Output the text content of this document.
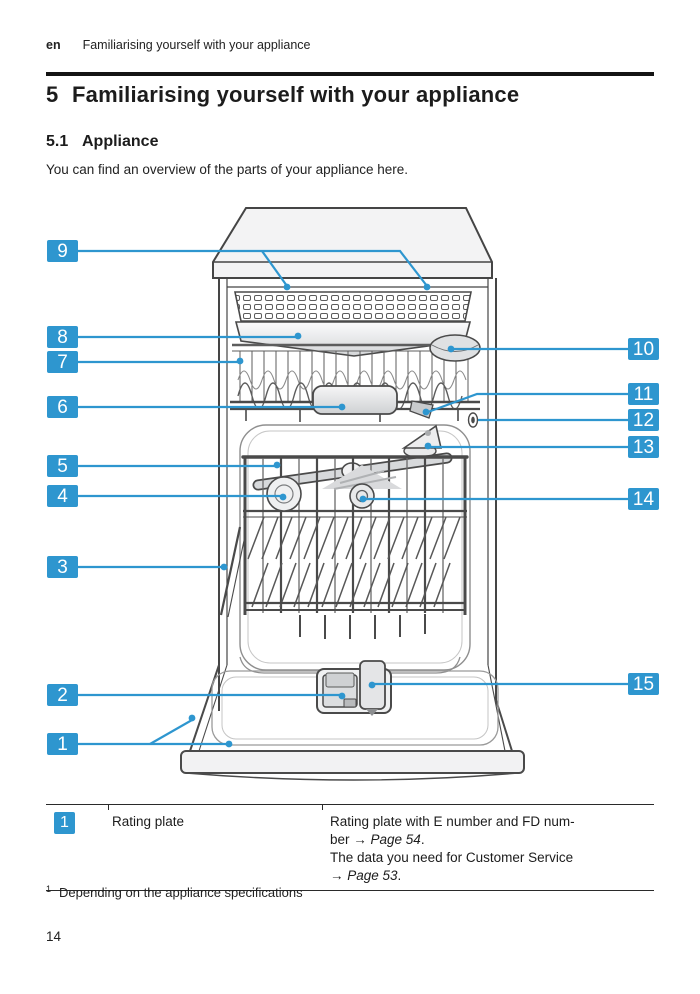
en Familiarising yourself with your appliance
5 Familiarising yourself with your appliance
5.1 Appliance

You can find an overview of the parts of your appliance here.

9
8
7
6
5
4
3
2
1
10
11
12
13
14
15
1	Rating plate	Rating plate with E number and FD num-
ber → Page 54.
The data you need for Customer Service
→ Page 53.
$^1$ Depending on the appliance specifications
14
